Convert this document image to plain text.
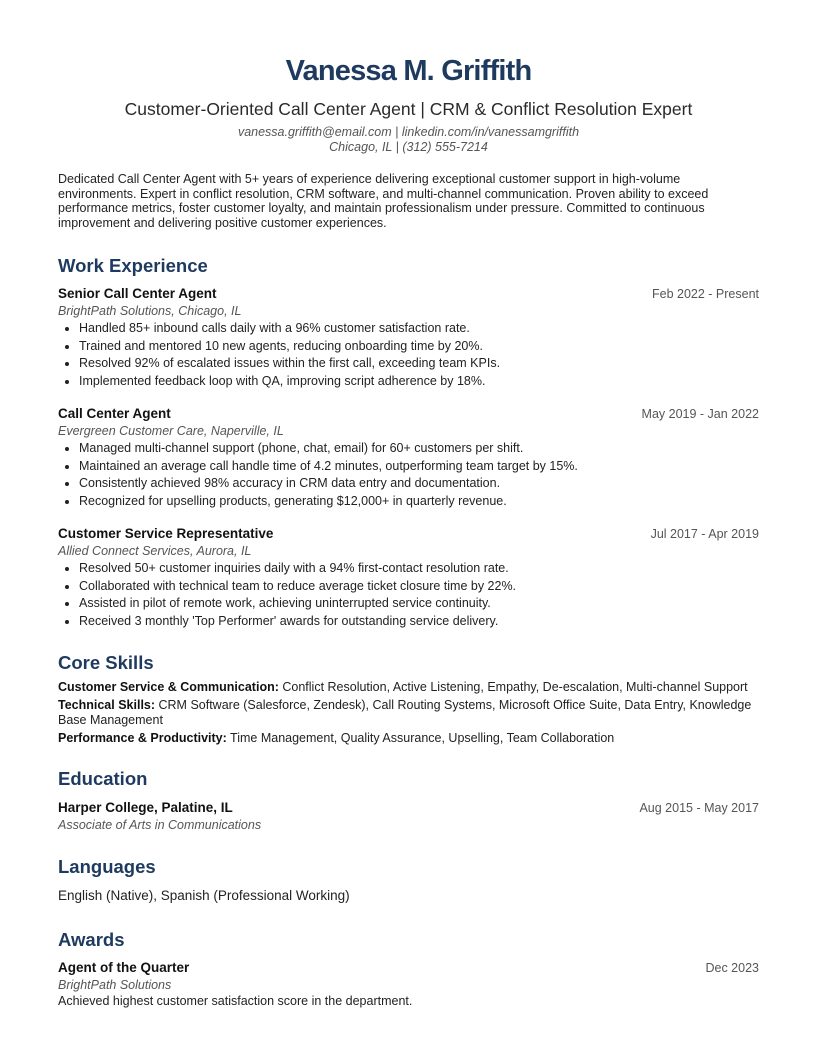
Vanessa M. Griffith
Customer-Oriented Call Center Agent | CRM & Conflict Resolution Expert
vanessa.griffith@email.com | linkedin.com/in/vanessamgriffith
Chicago, IL | (312) 555-7214
Dedicated Call Center Agent with 5+ years of experience delivering exceptional customer support in high-volume environments. Expert in conflict resolution, CRM software, and multi-channel communication. Proven ability to exceed performance metrics, foster customer loyalty, and maintain professionalism under pressure. Committed to continuous improvement and delivering positive customer experiences.
Work Experience
Senior Call Center Agent	Feb 2022 - Present
BrightPath Solutions, Chicago, IL
• Handled 85+ inbound calls daily with a 96% customer satisfaction rate.
• Trained and mentored 10 new agents, reducing onboarding time by 20%.
• Resolved 92% of escalated issues within the first call, exceeding team KPIs.
• Implemented feedback loop with QA, improving script adherence by 18%.
Call Center Agent	May 2019 - Jan 2022
Evergreen Customer Care, Naperville, IL
• Managed multi-channel support (phone, chat, email) for 60+ customers per shift.
• Maintained an average call handle time of 4.2 minutes, outperforming team target by 15%.
• Consistently achieved 98% accuracy in CRM data entry and documentation.
• Recognized for upselling products, generating $12,000+ in quarterly revenue.
Customer Service Representative	Jul 2017 - Apr 2019
Allied Connect Services, Aurora, IL
• Resolved 50+ customer inquiries daily with a 94% first-contact resolution rate.
• Collaborated with technical team to reduce average ticket closure time by 22%.
• Assisted in pilot of remote work, achieving uninterrupted service continuity.
• Received 3 monthly 'Top Performer' awards for outstanding service delivery.
Core Skills
Customer Service & Communication: Conflict Resolution, Active Listening, Empathy, De-escalation, Multi-channel Support
Technical Skills: CRM Software (Salesforce, Zendesk), Call Routing Systems, Microsoft Office Suite, Data Entry, Knowledge Base Management
Performance & Productivity: Time Management, Quality Assurance, Upselling, Team Collaboration
Education
Harper College, Palatine, IL	Aug 2015 - May 2017
Associate of Arts in Communications
Languages
English (Native), Spanish (Professional Working)
Awards
Agent of the Quarter	Dec 2023
BrightPath Solutions
Achieved highest customer satisfaction score in the department.
